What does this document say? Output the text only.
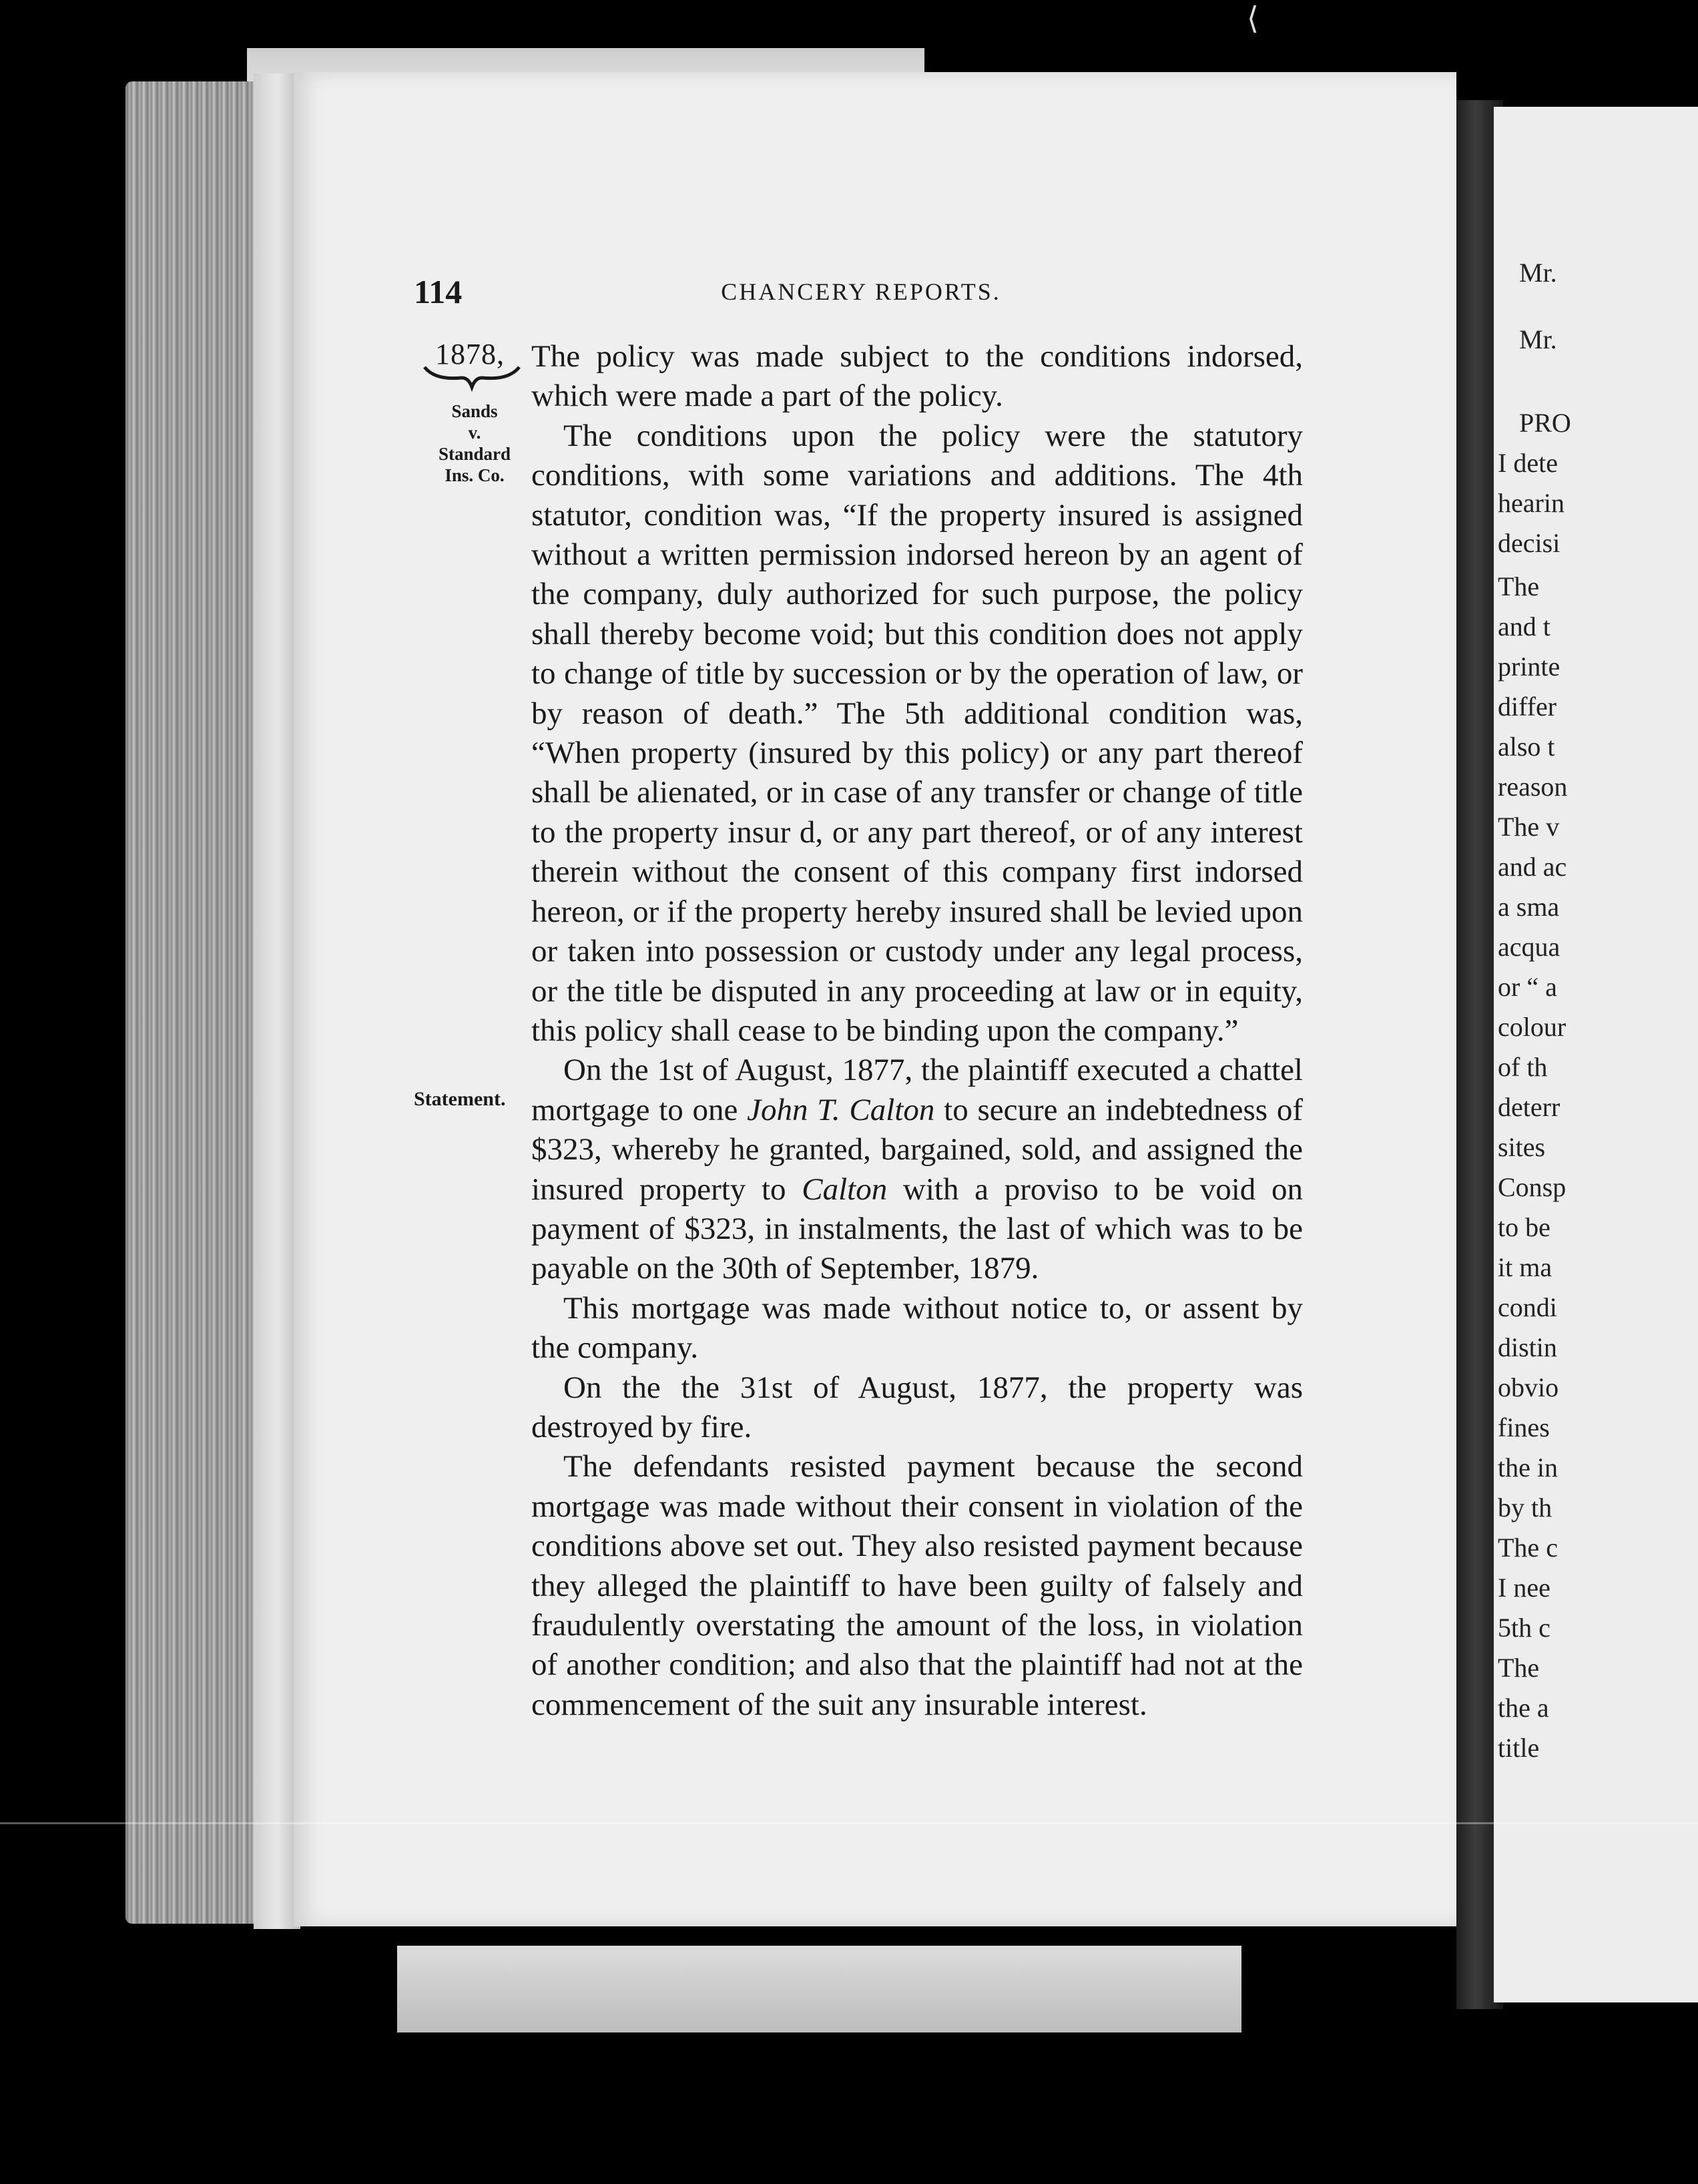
⟨
114	CHANCERY REPORTS.
1878,
Sands
v.
Standard
Ins. Co.
Statement.

The policy was made subject to the conditions indorsed, which were made a part of the policy.

The conditions upon the policy were the statutory conditions, with some variations and additions. The 4th statutor, condition was, “If the property insured is assigned without a written permission indorsed hereon by an agent of the company, duly authorized for such purpose, the policy shall thereby become void; but this condition does not apply to change of title by succession or by the operation of law, or by reason of death.” The 5th additional condition was, “When property (insured by this policy) or any part thereof shall be alienated, or in case of any transfer or change of title to the property insur d, or any part thereof, or of any interest therein without the consent of this company first indorsed hereon, or if the property hereby insured shall be levied upon or taken into possession or custody under any legal process, or the title be disputed in any proceeding at law or in equity, this policy shall cease to be binding upon the company.”

On the 1st of August, 1877, the plaintiff executed a chattel mortgage to one John T. Calton to secure an indebtedness of $323, whereby he granted, bargained, sold, and assigned the insured property to Calton with a proviso to be void on payment of $323, in instalments, the last of which was to be payable on the 30th of September, 1879.

This mortgage was made without notice to, or assent by the company.

On the the 31st of August, 1877, the property was destroyed by fire.

The defendants resisted payment because the second mortgage was made without their consent in violation of the conditions above set out. They also resisted payment because they alleged the plaintiff to have been guilty of falsely and fraudulently overstating the amount of the loss, in violation of another condition; and also that the plaintiff had not at the commencement of the suit any insurable interest.

Mr.
Mr.
PRO
I dete
hearin
decisi
The
and t
printe
differ
also t
reason
The v
and ac
a sma
acqua
or “ a
colour
of th
deterr
sites
Consp
to be
it ma
condi
distin
obvio
fines
the in
by th
The c
I nee
5th c
The
the a
title
